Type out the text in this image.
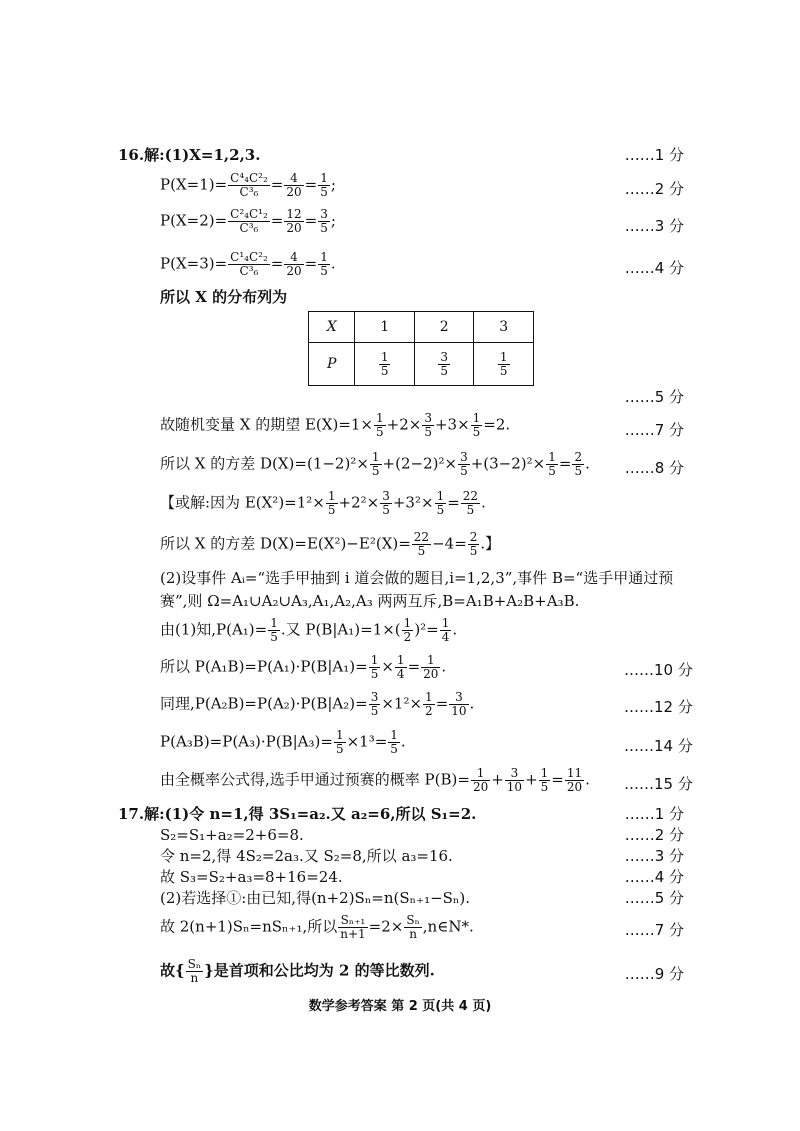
16.解:(1)X=1,2,3.	……1 分
$P(X=1)= \frac{\text{C⁴₄C²₂}}{\text{C³₆}} = \frac{4}{20} = \frac{1}{5}$ ;	……2 分
$P(X=2)= \frac{\text{C²₄C¹₂}}{\text{C³₆}} = \frac{12}{20} = \frac{3}{5}$ ;	……3 分
$P(X=3)= \frac{\text{C¹₄C²₂}}{\text{C³₆}} = \frac{4}{20} = \frac{1}{5}$ .	……4 分
所以 X 的分布列为
X	1	2	3
P	$\frac{1}{5}$	$\frac{3}{5}$	$\frac{1}{5}$
……5 分
故随机变量 X 的期望 $E(X)=1\times \frac{1}{5} +2\times \frac{3}{5} +3\times \frac{1}{5} =2$.	……7 分
所以 X 的方差 $D(X)=(1-2)^2\times \frac{1}{5} +(2-2)^2\times \frac{3}{5} +(3-2)^2\times \frac{1}{5} = \frac{2}{5}$ . ……8 分
【或解:因为 $E(X^2)=1^2\times \frac{1}{5} +2^2\times \frac{3}{5} +3^2\times \frac{1}{5} = \frac{22}{5}$ .
所以 X 的方差 $D(X)=E(X^2)-E^2(X)= \frac{22}{5} -4= \frac{2}{5}$ .】
(2)设事件 Aᵢ=“选手甲抽到 i 道会做的题目,i=1,2,3”,事件 B=“选手甲通过预
赛”,则 Ω=A₁∪A₂∪A₃,A₁,A₂,A₃ 两两互斥,B=A₁B+A₂B+A₃B.
由(1)知$,P(A_1)= \frac{1}{5}$ .又 $P(B|A_1)=1\times( \frac{1}{2} )^2= \frac{1}{4}$ .
所以 $P(A_1B)=P(A_1)\cdot P(B|A_1)= \frac{1}{5} \times \frac{1}{4} = \frac{1}{20}$ .	……10 分
同理$,P(A_2B)=P(A_2)\cdot P(B|A_2)= \frac{3}{5} \times 1^2\times \frac{1}{2} = \frac{3}{10}$ .	……12 分
$P(A_3B)=P(A_3)\cdot P(B|A_3)= \frac{1}{5} \times 1^3= \frac{1}{5}$ .	……14 分
由全概率公式得,选手甲通过预赛的概率 $P(B)= \frac{1}{20} + \frac{3}{10} + \frac{1}{5} = \frac{11}{20}$ . ……15 分
17.解:(1)令 n=1,得 3S₁=a₂.又 a₂=6,所以 S₁=2.	……1 分
S₂=S₁+a₂=2+6=8.	……2 分
令 n=2,得 4S₂=2a₃.又 S₂=8,所以 a₃=16.	……3 分
故 S₃=S₂+a₃=8+16=24.	……4 分
(2)若选择①:由已知,得(n+2)Sₙ=n(Sₙ₊₁−Sₙ).	……5 分
故 2(n+1)Sₙ=nSₙ₊₁,所以 $\frac{\text{Sₙ₊₁}}{n+1} =2\times \frac{\text{Sₙ}}{n}$ ,n∈N*.	……7 分
故{ $\frac{\text{Sₙ}}{n}$ }是首项和公比均为 2 的等比数列.	……9 分
数学参考答案 第 2 页(共 4 页)
